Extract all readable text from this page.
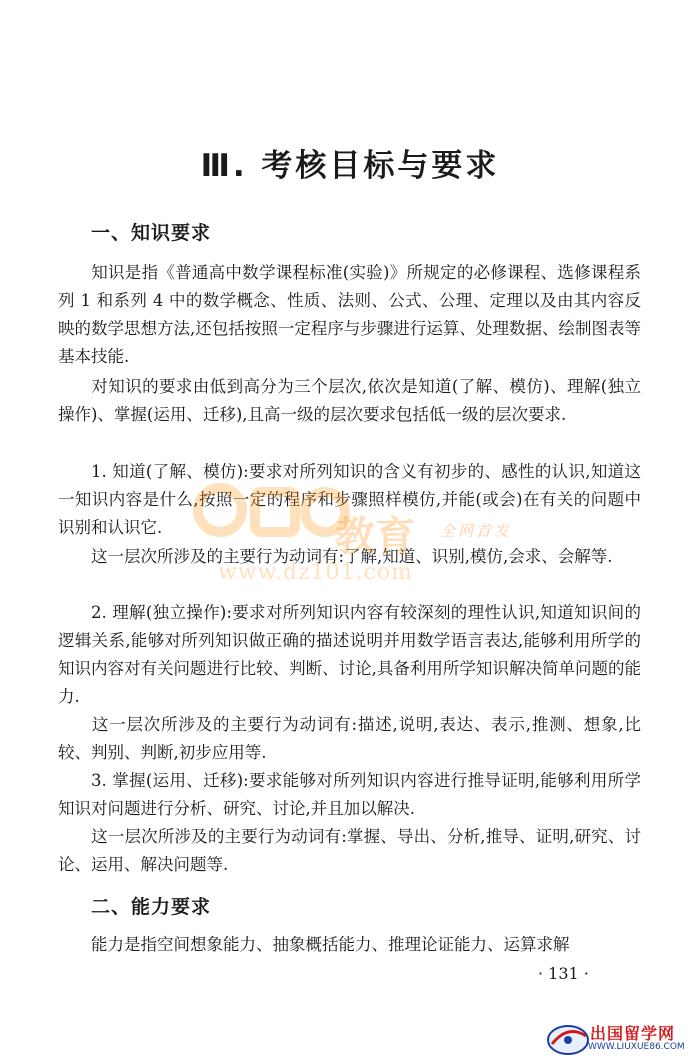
Ⅲ. 考核目标与要求
一、知识要求

知识是指《普通高中数学课程标准(实验)》所规定的必修课程、选修课程系列 1 和系列 4 中的数学概念、性质、法则、公式、公理、定理以及由其内容反映的数学思想方法,还包括按照一定程序与步骤进行运算、处理数据、绘制图表等基本技能.

对知识的要求由低到高分为三个层次,依次是知道(了解、模仿)、理解(独立操作)、掌握(运用、迁移),且高一级的层次要求包括低一级的层次要求.

1. 知道(了解、模仿):要求对所列知识的含义有初步的、感性的认识,知道这一知识内容是什么,按照一定的程序和步骤照样模仿,并能(或会)在有关的问题中识别和认识它.

这一层次所涉及的主要行为动词有:了解,知道、识别,模仿,会求、会解等.

2. 理解(独立操作):要求对所列知识内容有较深刻的理性认识,知道知识间的逻辑关系,能够对所列知识做正确的描述说明并用数学语言表达,能够利用所学的知识内容对有关问题进行比较、判断、讨论,具备利用所学知识解决简单问题的能力.

这一层次所涉及的主要行为动词有:描述,说明,表达、表示,推测、想象,比较、判别、判断,初步应用等.

3. 掌握(运用、迁移):要求能够对所列知识内容进行推导证明,能够利用所学知识对问题进行分析、研究、讨论,并且加以解决.

这一层次所涉及的主要行为动词有:掌握、导出、分析,推导、证明,研究、讨论、运用、解决问题等.

二、能力要求

能力是指空间想象能力、抽象概括能力、推理论证能力、运算求解

· 131 ·
教育 全网首发
www.dz101.com
出国留学网
WWW.LIUXUE86.COM
